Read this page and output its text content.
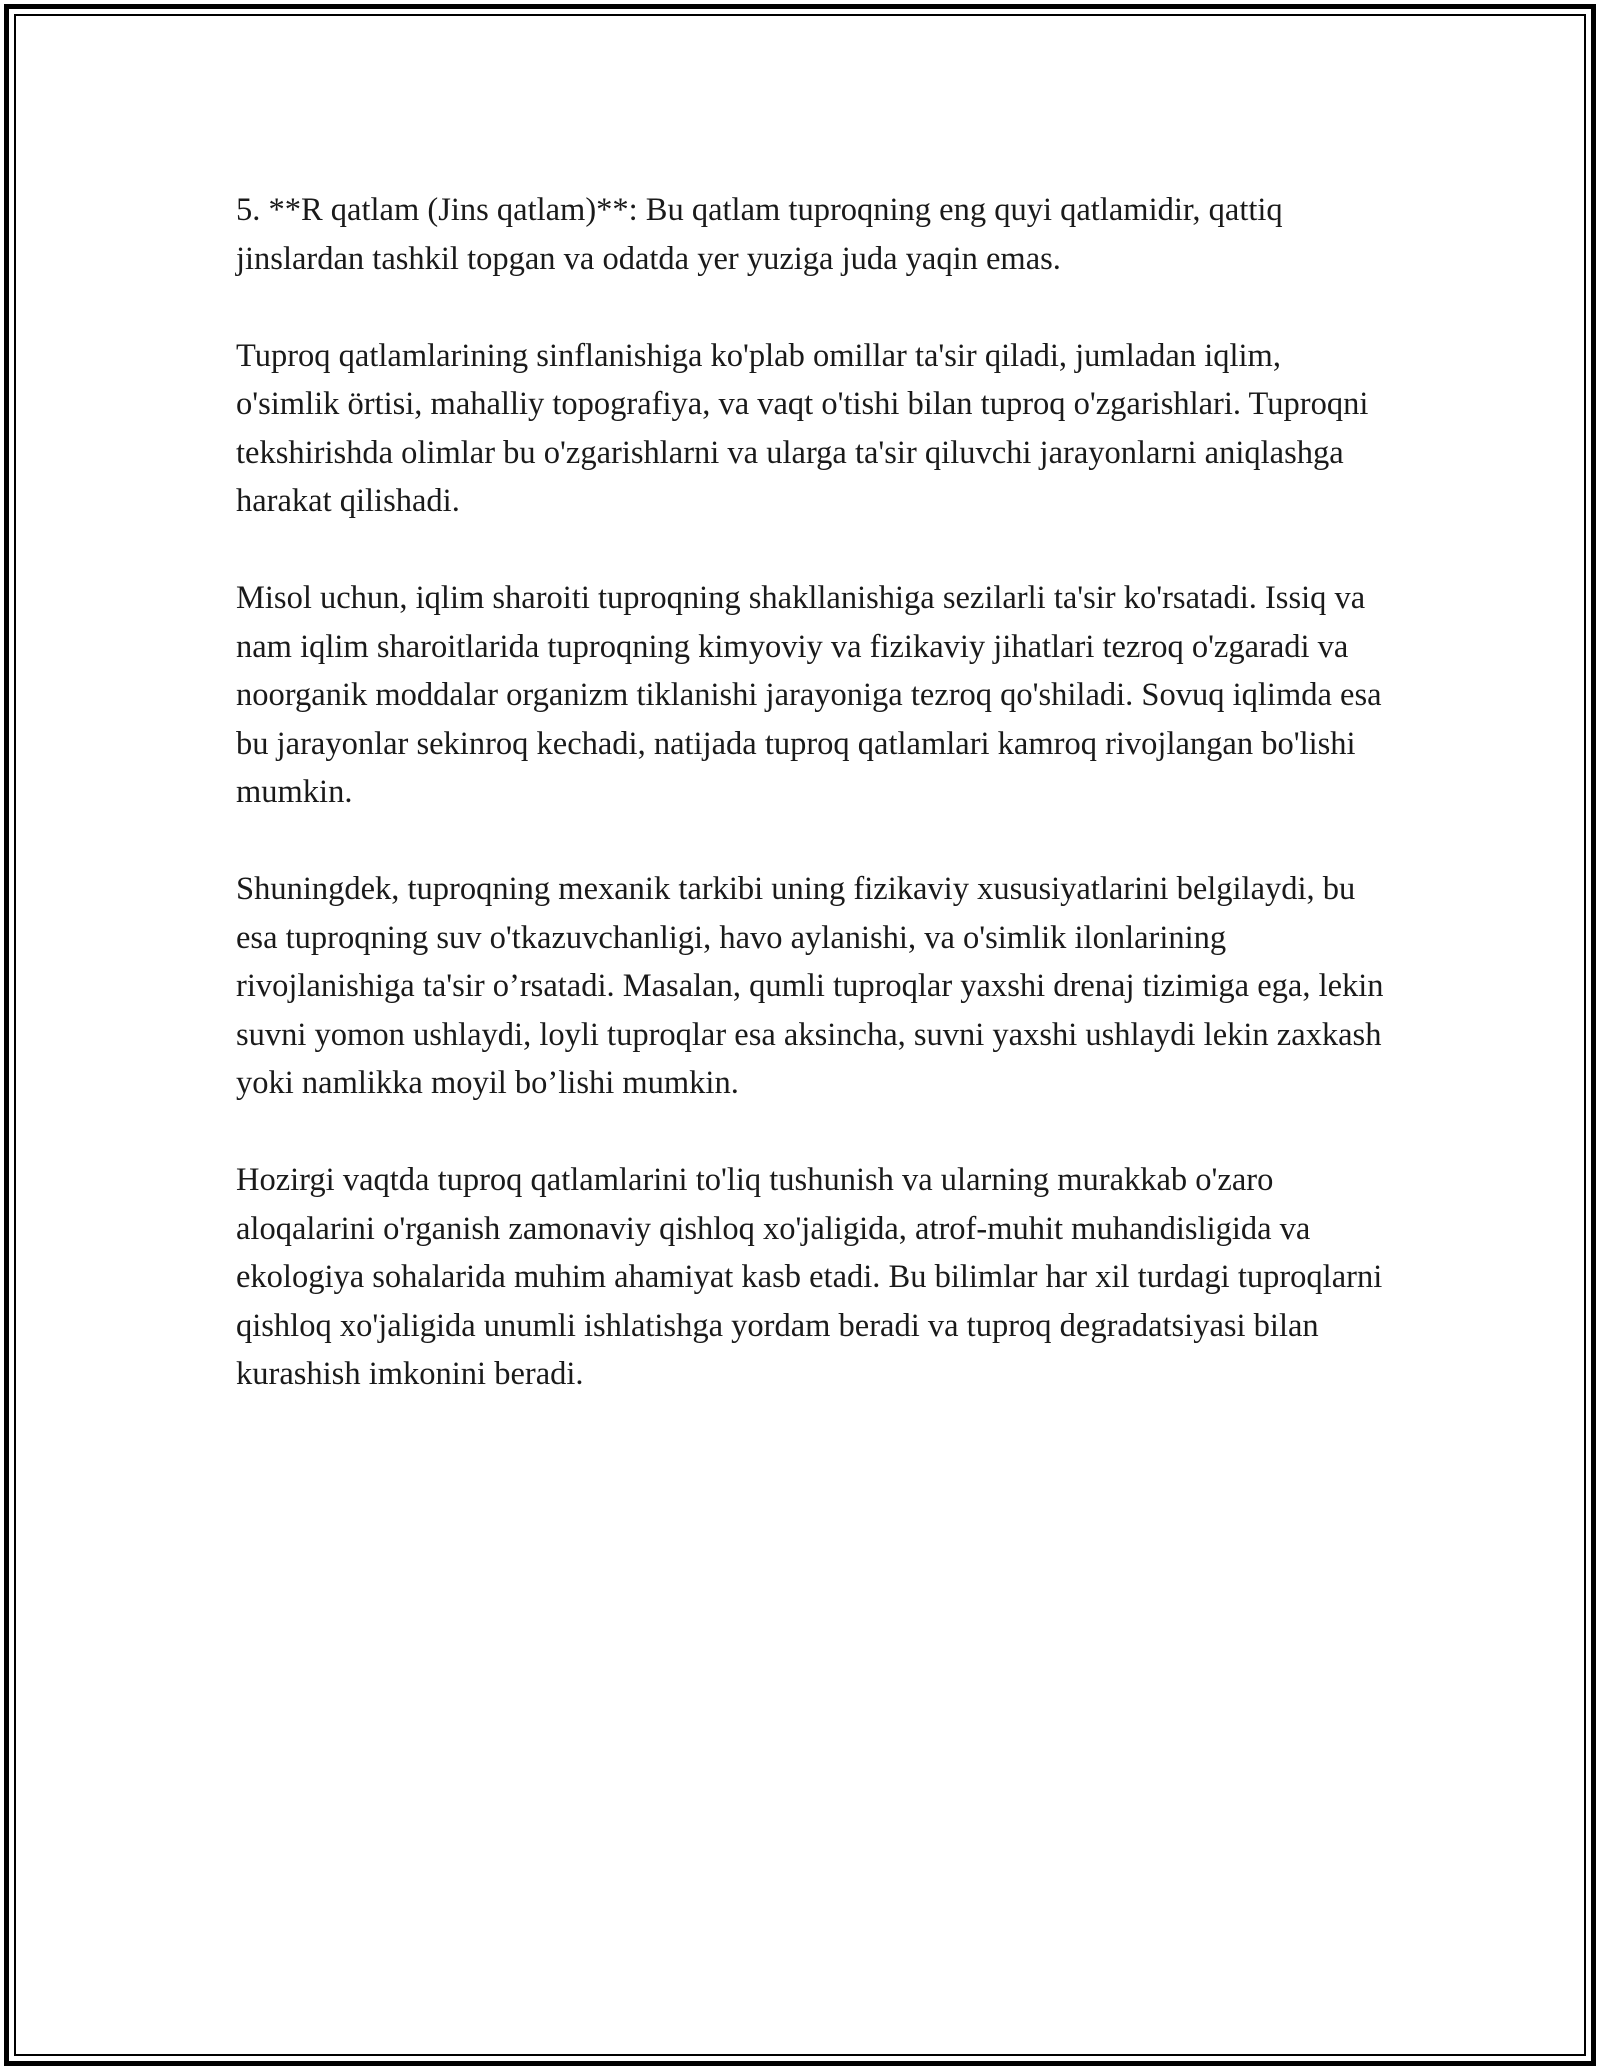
5. **R qatlam (Jins qatlam)**: Bu qatlam tuproqning eng quyi qatlamidir, qattiq jinslardan tashkil topgan va odatda yer yuziga juda yaqin emas.

Tuproq qatlamlarining sinflanishiga ko'plab omillar ta'sir qiladi, jumladan iqlim, o'simlik örtisi, mahalliy topografiya, va vaqt o'tishi bilan tuproq o'zgarishlari. Tuproqni tekshirishda olimlar bu o'zgarishlarni va ularga ta'sir qiluvchi jarayonlarni aniqlashga harakat qilishadi.

Misol uchun, iqlim sharoiti tuproqning shakllanishiga sezilarli ta'sir ko'rsatadi. Issiq va nam iqlim sharoitlarida tuproqning kimyoviy va fizikaviy jihatlari tezroq o'zgaradi va noorganik moddalar organizm tiklanishi jarayoniga tezroq qo'shiladi. Sovuq iqlimda esa bu jarayonlar sekinroq kechadi, natijada tuproq qatlamlari kamroq rivojlangan bo'lishi mumkin.

Shuningdek, tuproqning mexanik tarkibi uning fizikaviy xususiyatlarini belgilaydi, bu esa tuproqning suv o'tkazuvchanligi, havo aylanishi, va o'simlik ilonlarining rivojlanishiga ta'sir o’rsatadi. Masalan, qumli tuproqlar yaxshi drenaj tizimiga ega, lekin suvni yomon ushlaydi, loyli tuproqlar esa aksincha, suvni yaxshi ushlaydi lekin zaxkash yoki namlikka moyil bo’lishi mumkin.

Hozirgi vaqtda tuproq qatlamlarini to'liq tushunish va ularning murakkab o'zaro aloqalarini o'rganish zamonaviy qishloq xo'jaligida, atrof-muhit muhandisligida va ekologiya sohalarida muhim ahamiyat kasb etadi. Bu bilimlar har xil turdagi tuproqlarni qishloq xo'jaligida unumli ishlatishga yordam beradi va tuproq degradatsiyasi bilan kurashish imkonini beradi.
